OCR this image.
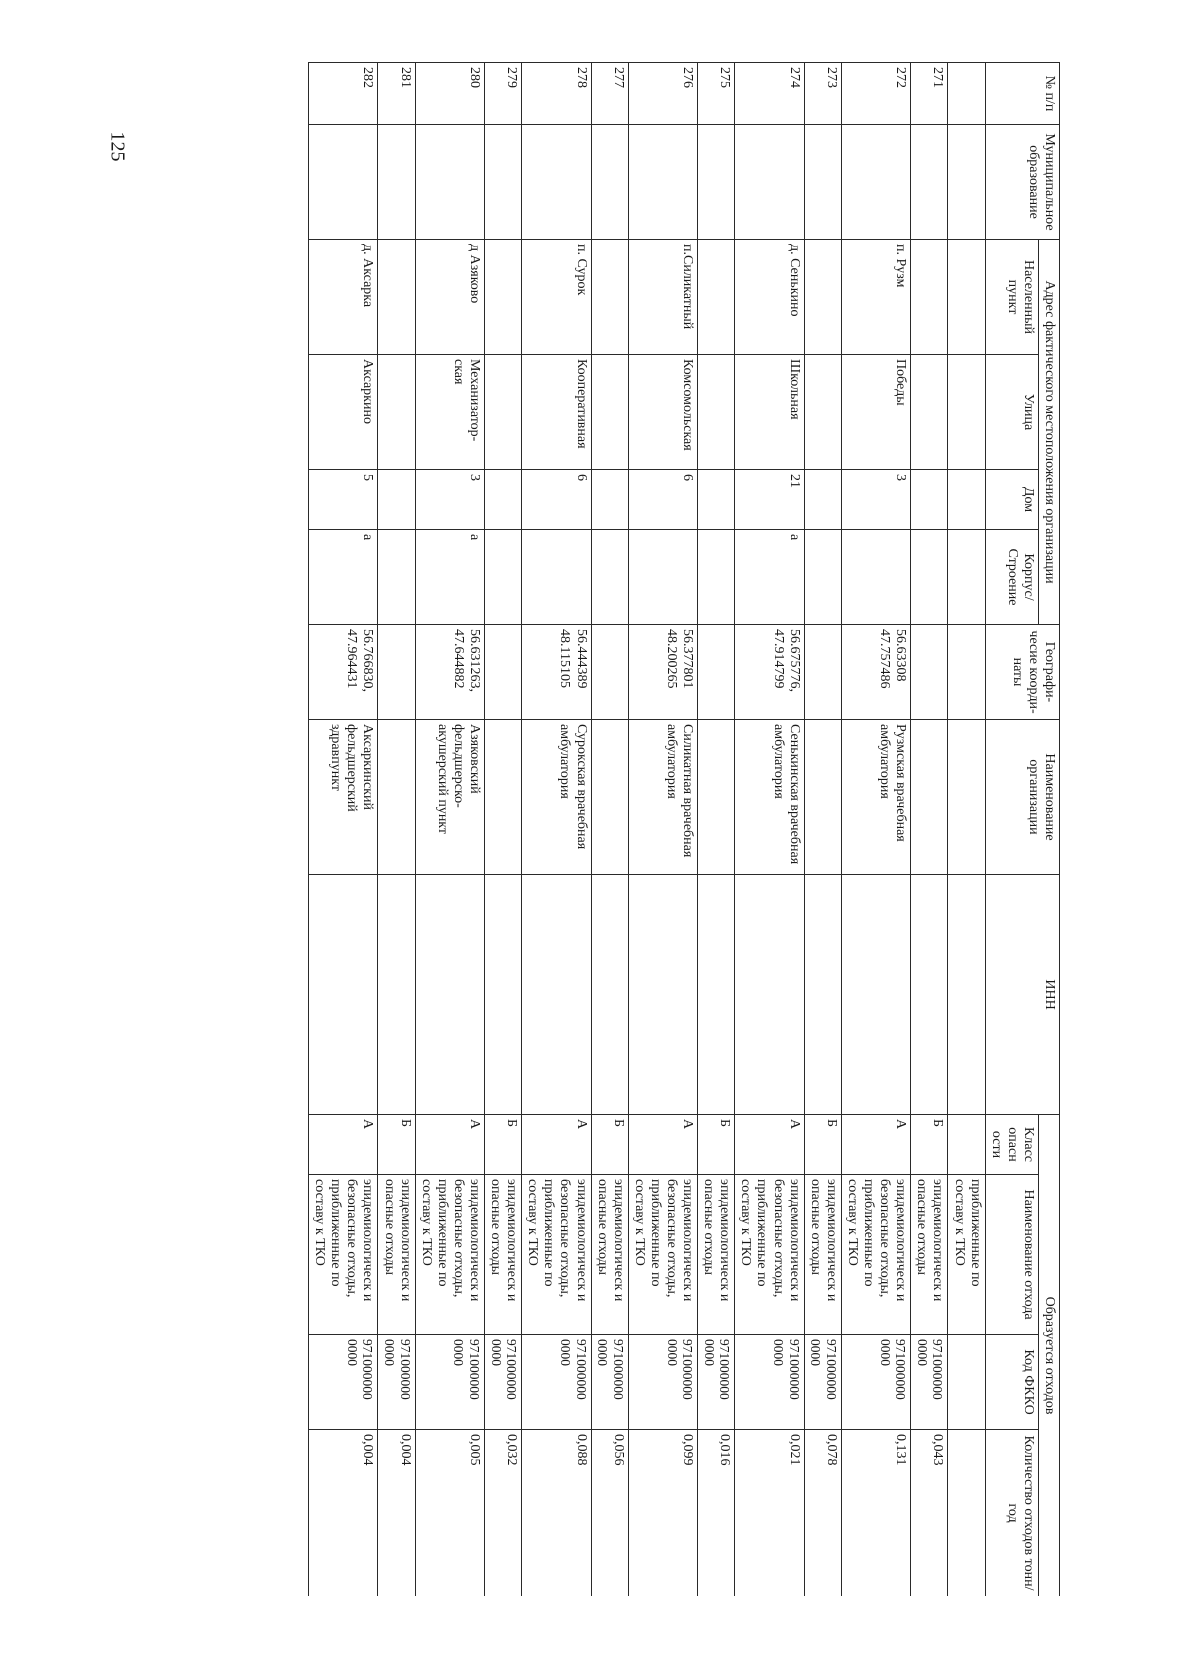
125
№ п/п	Муниципальное образование	Адрес фактического местоположения организации				Географи- чесие коорди- наты	Наименование организации	ИНН	Образуется отходов			
		Населенный пункт	Улица	Дом	Корпус/ Строение				Класс опасн ости	Наименование отхода	Код ФККО	Количество отходов тонн/год
										приближенные по составу к ТКО		
271									Б	эпидемиологическ и опасные отходы	971000000 0000	0,043
272		п. Рузм	Победы	3		56.63308 47.757486	Рузмская врачебная амбулатория		А	эпидемиологическ и безопасные отходы, приближенные по составу к ТКО	971000000 0000	0,131
273									Б	эпидемиологическ и опасные отходы	971000000 0000	0,078
274		д. Сенькино	Школьная	21	а	56.675776, 47.914799	Сенькинская врачебная амбулатория		А	эпидемиологическ и безопасные отходы, приближенные по составу к ТКО	971000000 0000	0,021
275									Б	эпидемиологическ и опасные отходы	971000000 0000	0,016
276		п.Силикатный	Комсомольская	6		56.377801 48.200265	Силикатная врачебная амбулатория		А	эпидемиологическ и безопасные отходы, приближенные по составу к ТКО	971000000 0000	0,099
277									Б	эпидемиологическ и опасные отходы	971000000 0000	0,056
278		п. Сурок	Кооперативная	6		56.444389 48.115105	Сурокская врачебная амбулатория		А	эпидемиологическ и безопасные отходы, приближенные по составу к ТКО	971000000 0000	0,088
279									Б	эпидемиологическ и опасные отходы	971000000 0000	0,032
280		д Азяково	Механизатор- ская	3	а	56.631263, 47.644882	Азяковский фельдшерско- акушерский пункт		А	эпидемиологическ и безопасные отходы, приближенные по составу к ТКО	971000000 0000	0,005
281									Б	эпидемиологическ и опасные отходы	971000000 0000	0,004
282		д. Аксарка	Аксаркино	5	а	56.766830, 47.964431	Аксаркинский фельдшерский здравпункт		А	эпидемиологическ и безопасные отходы, приближенные по составу к ТКО	971000000 0000	0,004
